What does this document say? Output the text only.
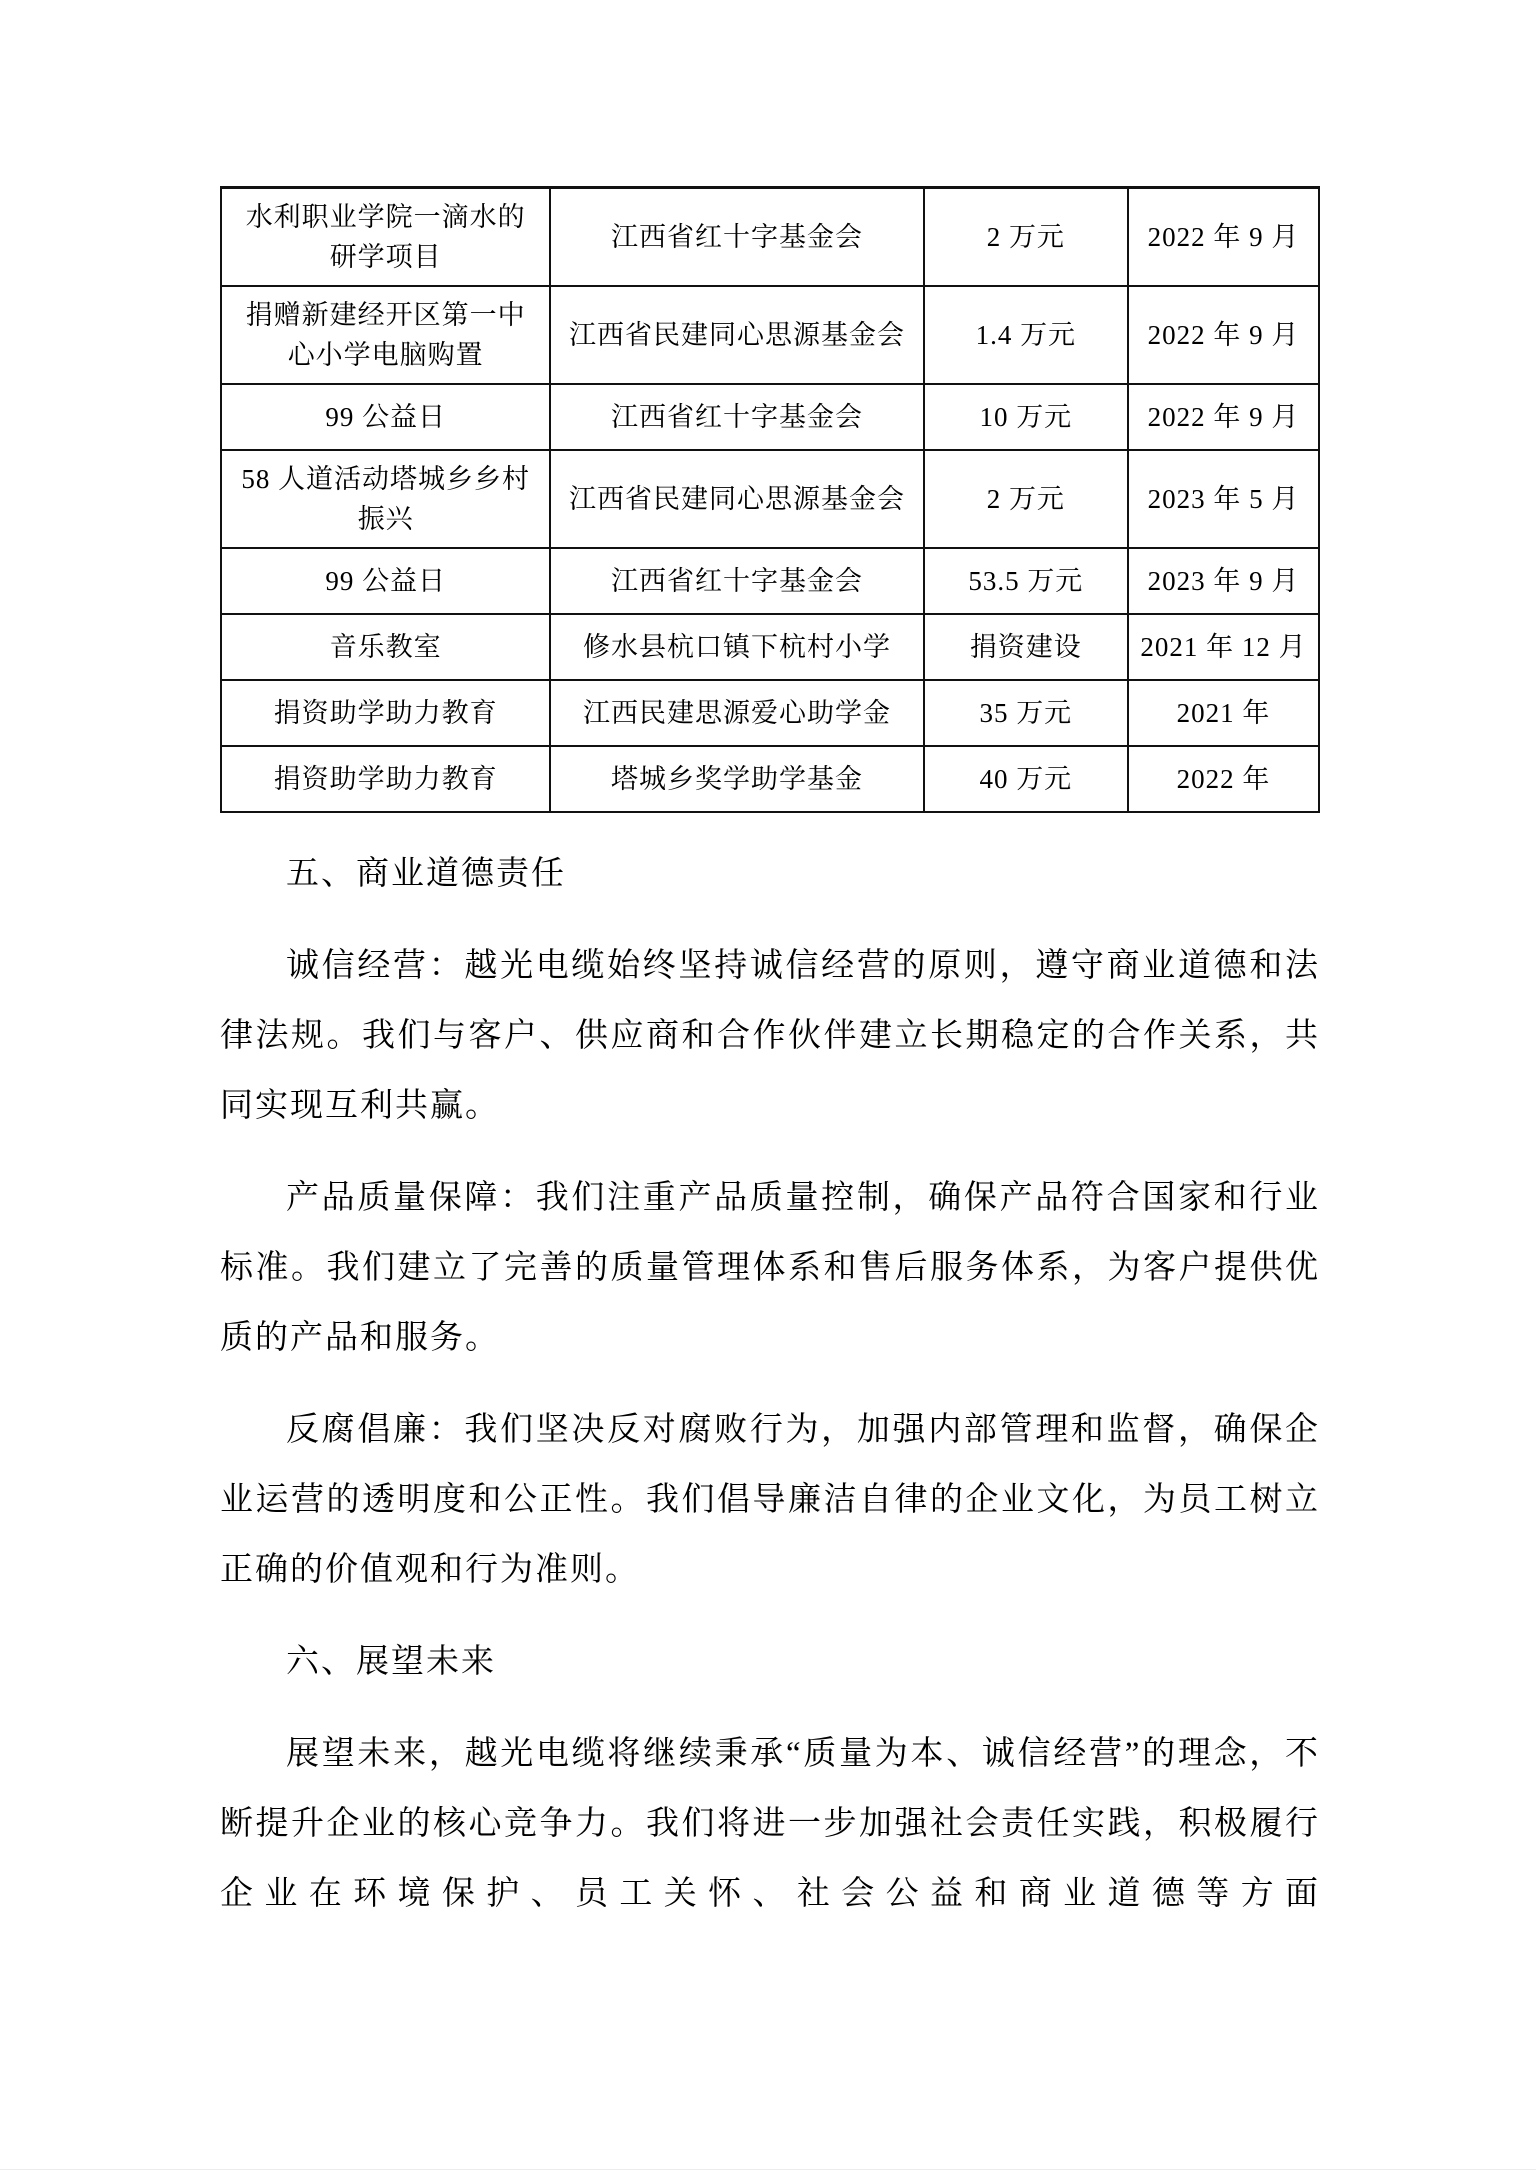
水利职业学院一滴水的研学项目	江西省红十字基金会	2 万元	2022 年 9 月
捐赠新建经开区第一中心小学电脑购置	江西省民建同心思源基金会	1.4 万元	2022 年 9 月
99 公益日	江西省红十字基金会	10 万元	2022 年 9 月
58 人道活动塔城乡乡村振兴	江西省民建同心思源基金会	2 万元	2023 年 5 月
99 公益日	江西省红十字基金会	53.5 万元	2023 年 9 月
音乐教室	修水县杭口镇下杭村小学	捐资建设	2021 年 12 月
捐资助学助力教育	江西民建思源爱心助学金	35 万元	2021 年
捐资助学助力教育	塔城乡奖学助学基金	40 万元	2022 年
五、商业道德责任

诚信经营：越光电缆始终坚持诚信经营的原则，遵守商业道德和法律法规。我们与客户、供应商和合作伙伴建立长期稳定的合作关系，共同实现互利共赢。

产品质量保障：我们注重产品质量控制，确保产品符合国家和行业标准。我们建立了完善的质量管理体系和售后服务体系，为客户提供优质的产品和服务。

反腐倡廉：我们坚决反对腐败行为，加强内部管理和监督，确保企业运营的透明度和公正性。我们倡导廉洁自律的企业文化，为员工树立正确的价值观和行为准则。

六、展望未来

展望未来，越光电缆将继续秉承“质量为本、诚信经营”的理念，不断提升企业的核心竞争力。我们将进一步加强社会责任实践，积极履行企业在环境保护、员工关怀、社会公益和商业道德等方面
